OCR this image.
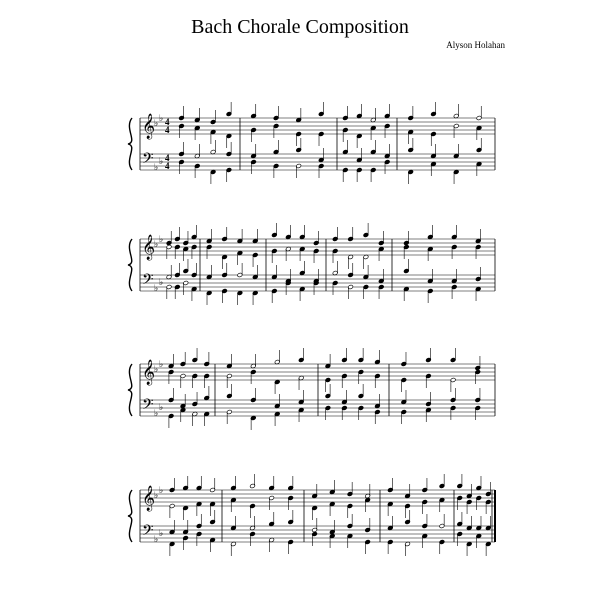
Bach Chorale Composition
Alyson Holahan
𝄞
𝄢
♭ ♭
♭
♭
4
4
4
4
𝄞
𝄢
♭ ♭
♭
♭
𝄞
𝄢
♭ ♭
♭
♭
𝄞
𝄢
♭ ♭
♭
♭
